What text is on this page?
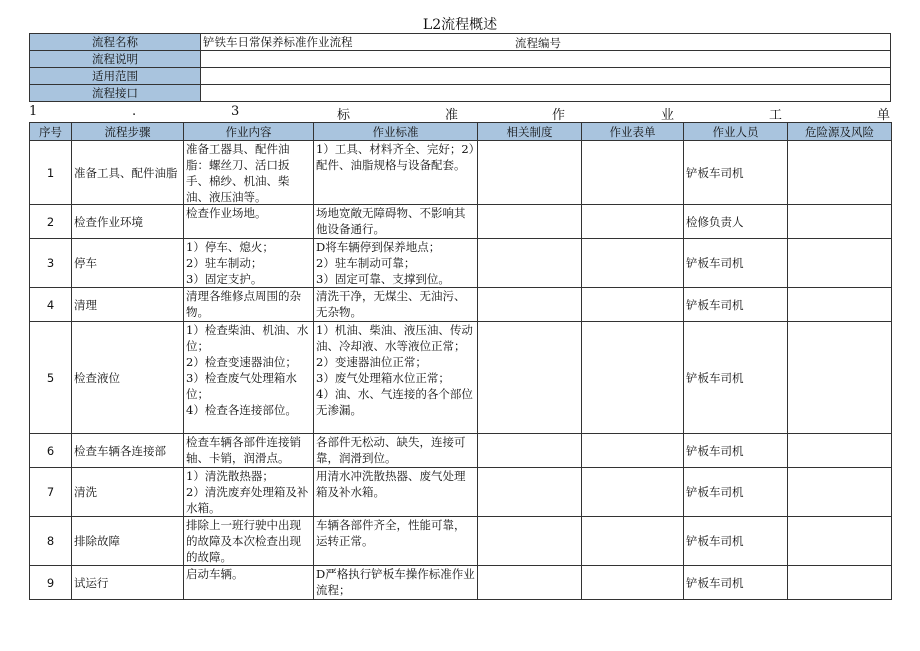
L2流程概述
流程名称	铲铁车日常保养标准作业流程 流程编号

流程说明	
适用范围	
流程接口	
1	.	3	标	准	作	业	工	单
序号	流程步骤	作业内容	作业标准	相关制度	作业表单	作业人员	危险源及风险

1	准备工具、配件油脂	准备工器具、配件油脂：螺丝刀、活口扳手、棉纱、机油、柴油、液压油等。	1）工具、材料齐全、完好；2）配件、油脂规格与设备配套。			铲板车司机	

2	检查作业环境	检查作业场地。	场地宽敞无障碍物、不影响其他设备通行。			检修负责人	

3	停车	1）停车、熄火；
2）驻车制动；
3）固定支护。	D将车辆停到保养地点；
2）驻车制动可靠；
3）固定可靠、支撑到位。			铲板车司机	

4	清理	清理各维修点周围的杂物。	清洗干净，无煤尘、无油污、无杂物。			铲板车司机	

5	检查液位	1）检查柴油、机油、水
位；
2）检查变速器油位；
3）检查废气处理箱水位；
4）检查各连接部位。	1）机油、柴油、液压油、传动油、冷却液、水等液位正常；
2）变速器油位正常；
3）废气处理箱水位正常；
4）油、水、气连接的各个部位无渗漏。			铲板车司机	

6	检查车辆各连接部	检查车辆各部件连接销轴、卡销，润滑点。	各部件无松动、缺失，连接可靠，润滑到位。			铲板车司机	

7	清洗	1）清洗散热器；
2）清洗废弃处理箱及补水箱。	用清水冲洗散热器、废气处理箱及补水箱。			铲板车司机	

8	排除故障	排除上一班行驶中出现的故障及本次检查出现的故障。	车辆各部件齐全，性能可靠，运转正常。			铲板车司机	

9	试运行	启动车辆。	D严格执行铲板车操作标准作业流程；			铲板车司机	
